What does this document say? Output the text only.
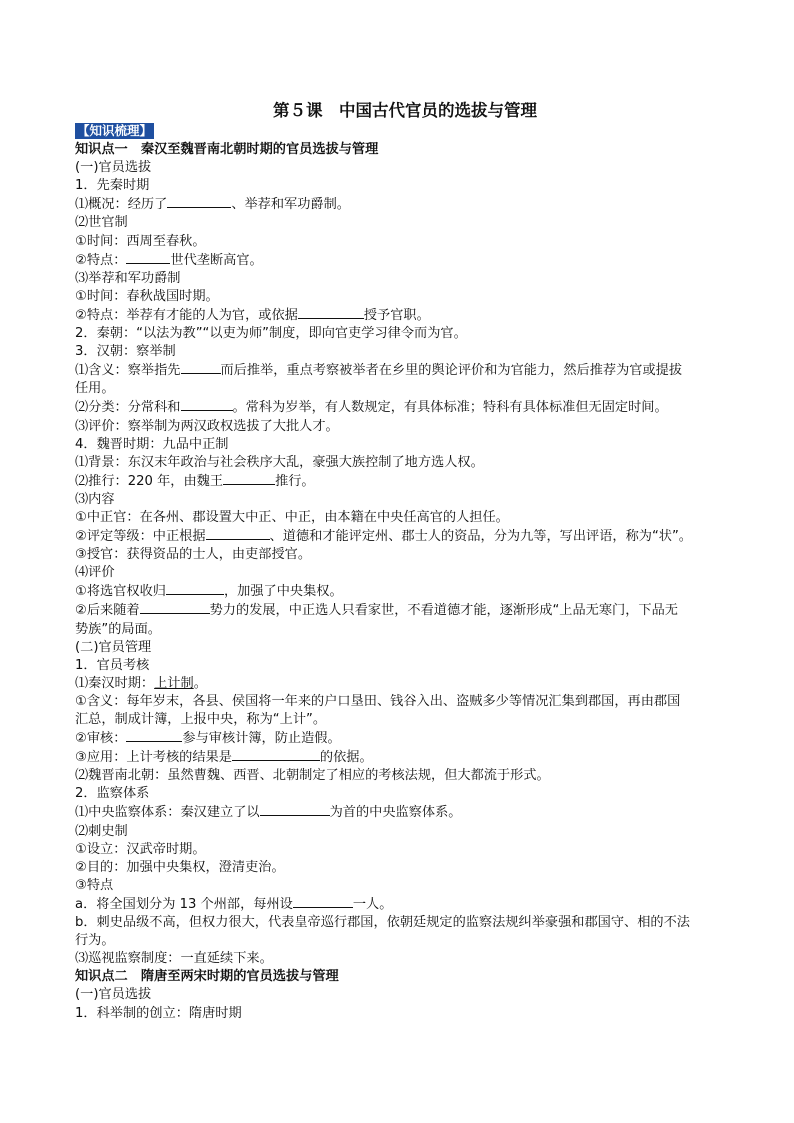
第５课　中国古代官员的选拔与管理
【知识梳理】
知识点一　秦汉至魏晋南北朝时期的官员选拔与管理
(一)官员选拔
1．先秦时期
⑴概况：经历了	、举荐和军功爵制。
⑵世官制
①时间：西周至春秋。
②特点：	世代垄断高官。
⑶举荐和军功爵制
①时间：春秋战国时期。
②特点：举荐有才能的人为官，或依据	授予官职。
2．秦朝：“以法为教”“以吏为师”制度，即向官吏学习律令而为官。
3．汉朝：察举制
⑴含义：察举指先	而后推举，重点考察被举者在乡里的舆论评价和为官能力，然后推荐为官或提拔
任用。
⑵分类：分常科和	。常科为岁举，有人数规定，有具体标准；特科有具体标准但无固定时间。
⑶评价：察举制为两汉政权选拔了大批人才。
4．魏晋时期：九品中正制
⑴背景：东汉末年政治与社会秩序大乱，豪强大族控制了地方选人权。
⑵推行：220 年，由魏王	推行。
⑶内容
①中正官：在各州、郡设置大中正、中正，由本籍在中央任高官的人担任。
②评定等级：中正根据	、道德和才能评定州、郡士人的资品，分为九等，写出评语，称为“状”。
③授官：获得资品的士人，由吏部授官。
⑷评价
①将选官权收归	，加强了中央集权。
②后来随着	势力的发展，中正选人只看家世，不看道德才能，逐渐形成“上品无寒门，下品无
势族”的局面。
(二)官员管理
1．官员考核
⑴秦汉时期：上计制。
①含义：每年岁末，各县、侯国将一年来的户口垦田、钱谷入出、盗贼多少等情况汇集到郡国，再由郡国
汇总，制成计簿，上报中央，称为“上计”。
②审核：	参与审核计簿，防止造假。
③应用：上计考核的结果是	的依据。
⑵魏晋南北朝：虽然曹魏、西晋、北朝制定了相应的考核法规，但大都流于形式。
2．监察体系
⑴中央监察体系：秦汉建立了以	为首的中央监察体系。
⑵刺史制
①设立：汉武帝时期。
②目的：加强中央集权，澄清吏治。
③特点
a．将全国划分为 13 个州部，每州设	一人。
b．刺史品级不高，但权力很大，代表皇帝巡行郡国，依朝廷规定的监察法规纠举豪强和郡国守、相的不法
行为。
⑶巡视监察制度：一直延续下来。
知识点二　隋唐至两宋时期的官员选拔与管理
(一)官员选拔
1．科举制的创立：隋唐时期
